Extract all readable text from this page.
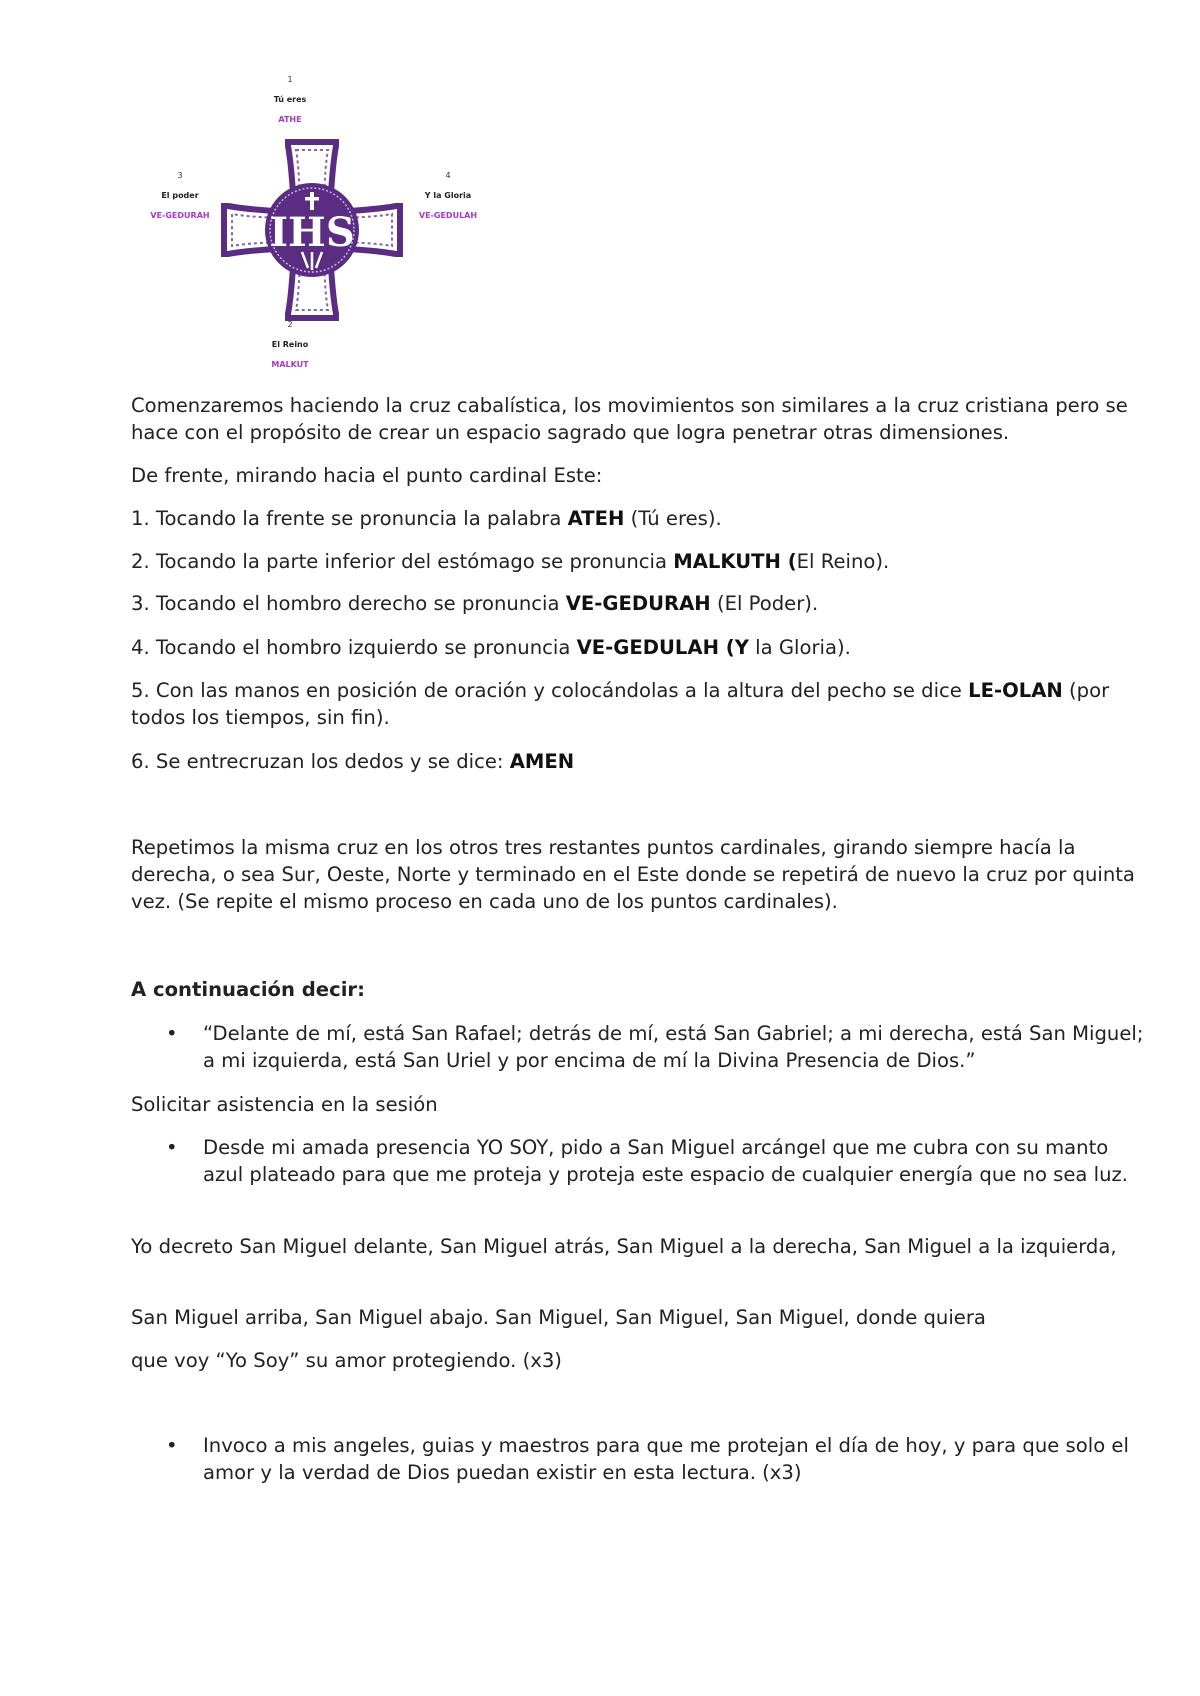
IHS
1
Tú eres
ATHE
3
El poder
VE-GEDURAH
4
Y la Gloria
VE-GEDULAH
2
El Reino
MALKUT

Comenzaremos haciendo la cruz cabalística, los movimientos son similares a la cruz cristiana pero se hace con el propósito de crear un espacio sagrado que logra penetrar otras dimensiones.

De frente, mirando hacia el punto cardinal Este:

1. Tocando la frente se pronuncia la palabra ATEH (Tú eres).

2. Tocando la parte inferior del estómago se pronuncia MALKUTH (El Reino).

3. Tocando el hombro derecho se pronuncia VE-GEDURAH (El Poder).

4. Tocando el hombro izquierdo se pronuncia VE-GEDULAH (Y la Gloria).

5. Con las manos en posición de oración y colocándolas a la altura del pecho se dice LE-OLAN (por todos los tiempos, sin fin).

6. Se entrecruzan los dedos y se dice: AMEN

Repetimos la misma cruz en los otros tres restantes puntos cardinales, girando siempre hacía la derecha, o sea Sur, Oeste, Norte y terminado en el Este donde se repetirá de nuevo la cruz por quinta vez. (Se repite el mismo proceso en cada uno de los puntos cardinales).

A continuación decir:

• “Delante de mí, está San Rafael; detrás de mí, está San Gabriel; a mi derecha, está San Miguel; a mi izquierda, está San Uriel y por encima de mí la Divina Presencia de Dios.”

Solicitar asistencia en la sesión

• Desde mi amada presencia YO SOY, pido a San Miguel arcángel que me cubra con su manto azul plateado para que me proteja y proteja este espacio de cualquier energía que no sea luz.

Yo decreto San Miguel delante, San Miguel atrás, San Miguel a la derecha, San Miguel a la izquierda,

San Miguel arriba, San Miguel abajo. San Miguel, San Miguel, San Miguel, donde quiera

que voy “Yo Soy” su amor protegiendo. (x3)

• Invoco a mis angeles, guias y maestros para que me protejan el día de hoy, y para que solo el amor y la verdad de Dios puedan existir en esta lectura. (x3)
